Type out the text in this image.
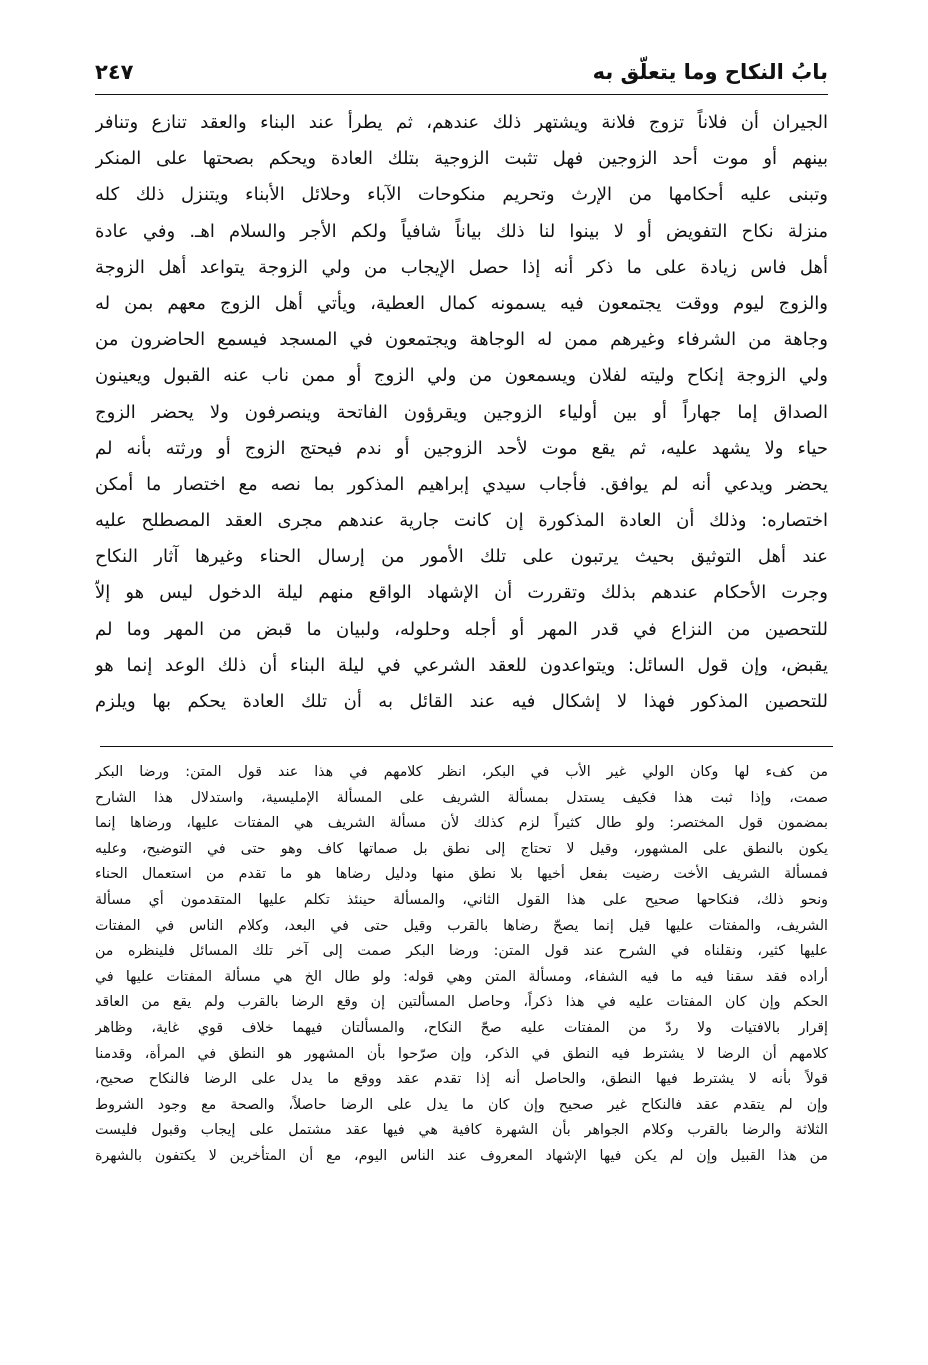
بابُ النكاح وما يتعلّق به
٢٤٧
الجيران أن فلاناً تزوج فلانة ويشتهر ذلك عندهم، ثم يطرأ عند البناء والعقد تنازع وتنافر
بينهم أو موت أحد الزوجين فهل تثبت الزوجية بتلك العادة ويحكم بصحتها على المنكر
وتبنى عليه أحكامها من الإرث وتحريم منكوحات الآباء وحلائل الأبناء ويتنزل ذلك كله
منزلة نكاح التفويض أو لا بينوا لنا ذلك بياناً شافياً ولكم الأجر والسلام اهـ. وفي عادة
أهل فاس زيادة على ما ذكر أنه إذا حصل الإيجاب من ولي الزوجة يتواعد أهل الزوجة
والزوج ليوم ووقت يجتمعون فيه يسمونه كمال العطية، ويأتي أهل الزوج معهم بمن له
وجاهة من الشرفاء وغيرهم ممن له الوجاهة ويجتمعون في المسجد فيسمع الحاضرون من
ولي الزوجة إنكاح وليته لفلان ويسمعون من ولي الزوج أو ممن ناب عنه القبول ويعينون
الصداق إما جهاراً أو بين أولياء الزوجين ويقرؤون الفاتحة وينصرفون ولا يحضر الزوج
حياء ولا يشهد عليه، ثم يقع موت لأحد الزوجين أو ندم فيحتج الزوج أو ورثته بأنه لم
يحضر ويدعي أنه لم يوافق. فأجاب سيدي إبراهيم المذكور بما نصه مع اختصار ما أمكن
اختصاره: وذلك أن العادة المذكورة إن كانت جارية عندهم مجرى العقد المصطلح عليه
عند أهل التوثيق بحيث يرتبون على تلك الأمور من إرسال الحناء وغيرها آثار النكاح
وجرت الأحكام عندهم بذلك وتقررت أن الإشهاد الواقع منهم ليلة الدخول ليس هو إلاّ
للتحصين من النزاع في قدر المهر أو أجله وحلوله، ولبيان ما قبض من المهر وما لم
يقبض، وإن قول السائل: ويتواعدون للعقد الشرعي في ليلة البناء أن ذلك الوعد إنما هو
للتحصين المذكور فهذا لا إشكال فيه عند القائل به أن تلك العادة يحكم بها ويلزم
من كفء لها وكان الولي غير الأب في البكر، انظر كلامهم في هذا عند قول المتن: ورضا البكر
صمت، وإذا ثبت هذا فكيف يستدل بمسألة الشريف على المسألة الإمليسية، واستدلال هذا الشارح
بمضمون قول المختصر: ولو طال كثيراً لزم كذلك لأن مسألة الشريف هي المفتات عليها، ورضاها إنما
يكون بالنطق على المشهور، وقيل لا تحتاج إلى نطق بل صماتها كاف وهو حتى في التوضيح، وعليه
فمسألة الشريف الأخت رضيت بفعل أخيها بلا نطق منها ودليل رضاها هو ما تقدم من استعمال الحناء
ونحو ذلك، فنكاحها صحيح على هذا القول الثاني، والمسألة حينئذ تكلم عليها المتقدمون أي مسألة
الشريف، والمفتات عليها قيل إنما يصحّ رضاها بالقرب وقيل حتى في البعد، وكلام الناس في المفتات
عليها كثير، ونقلناه في الشرح عند قول المتن: ورضا البكر صمت إلى آخر تلك المسائل فلينظره من
أراده فقد سقنا فيه ما فيه الشفاء، ومسألة المتن وهي قوله: ولو طال الخ هي مسألة المفتات عليها في
الحكم وإن كان المفتات عليه في هذا ذكراً، وحاصل المسألتين إن وقع الرضا بالقرب ولم يقع من العاقد
إقرار بالافتيات ولا ردّ من المفتات عليه صحّ النكاح، والمسألتان فيهما خلاف قوي غاية، وظاهر
كلامهم أن الرضا لا يشترط فيه النطق في الذكر، وإن صرّحوا بأن المشهور هو النطق في المرأة، وقدمنا
قولاً بأنه لا يشترط فيها النطق، والحاصل أنه إذا تقدم عقد ووقع ما يدل على الرضا فالنكاح صحيح،
وإن لم يتقدم عقد فالنكاح غير صحيح وإن كان ما يدل على الرضا حاصلاً، والصحة مع وجود الشروط
الثلاثة والرضا بالقرب وكلام الجواهر بأن الشهرة كافية هي فيها عقد مشتمل على إيجاب وقبول فليست
من هذا القبيل وإن لم يكن فيها الإشهاد المعروف عند الناس اليوم، مع أن المتأخرين لا يكتفون بالشهرة
